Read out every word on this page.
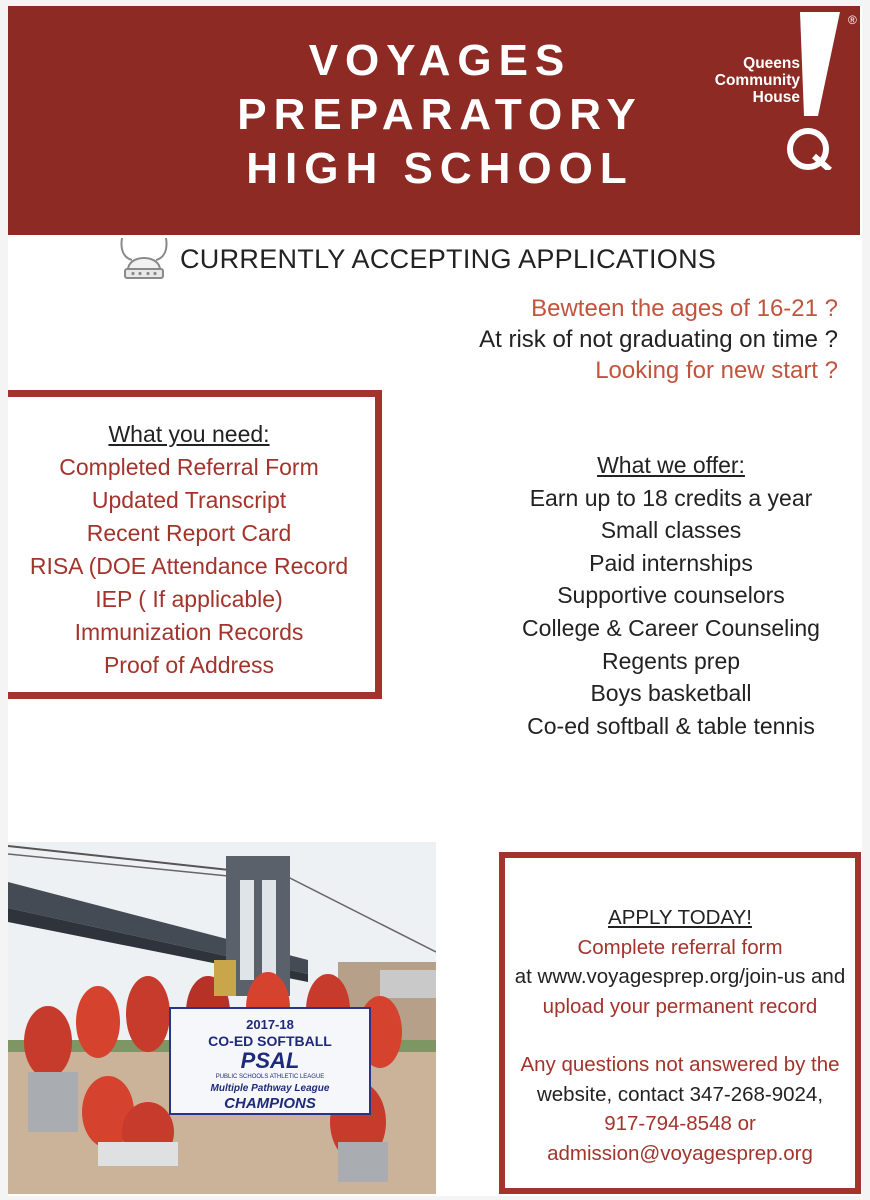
VOYAGES
PREPARATORY
HIGH SCHOOL
Queens
Community
House
®
CURRENTLY ACCEPTING APPLICATIONS
Bewteen the ages of 16-21 ?
At risk of not graduating on time ?
Looking for new start ?
What you need:
Completed Referral Form
Updated Transcript
Recent Report Card
RISA (DOE Attendance Record
IEP ( If applicable)
Immunization Records
Proof of Address
What we offer:
Earn up to 18 credits a year
Small classes
Paid internships
Supportive counselors
College & Career Counseling
Regents prep
Boys basketball
Co-ed softball & table tennis
2017-18
CO-ED SOFTBALL
PSAL
PUBLIC SCHOOLS ATHLETIC LEAGUE
Multiple Pathway League
CHAMPIONS
APPLY TODAY!
Complete referral form
at www.voyagesprep.org/join-us and
upload your permanent record
Any questions not answered by the
website, contact 347-268-9024,
917-794-8548 or
admission@voyagesprep.org
